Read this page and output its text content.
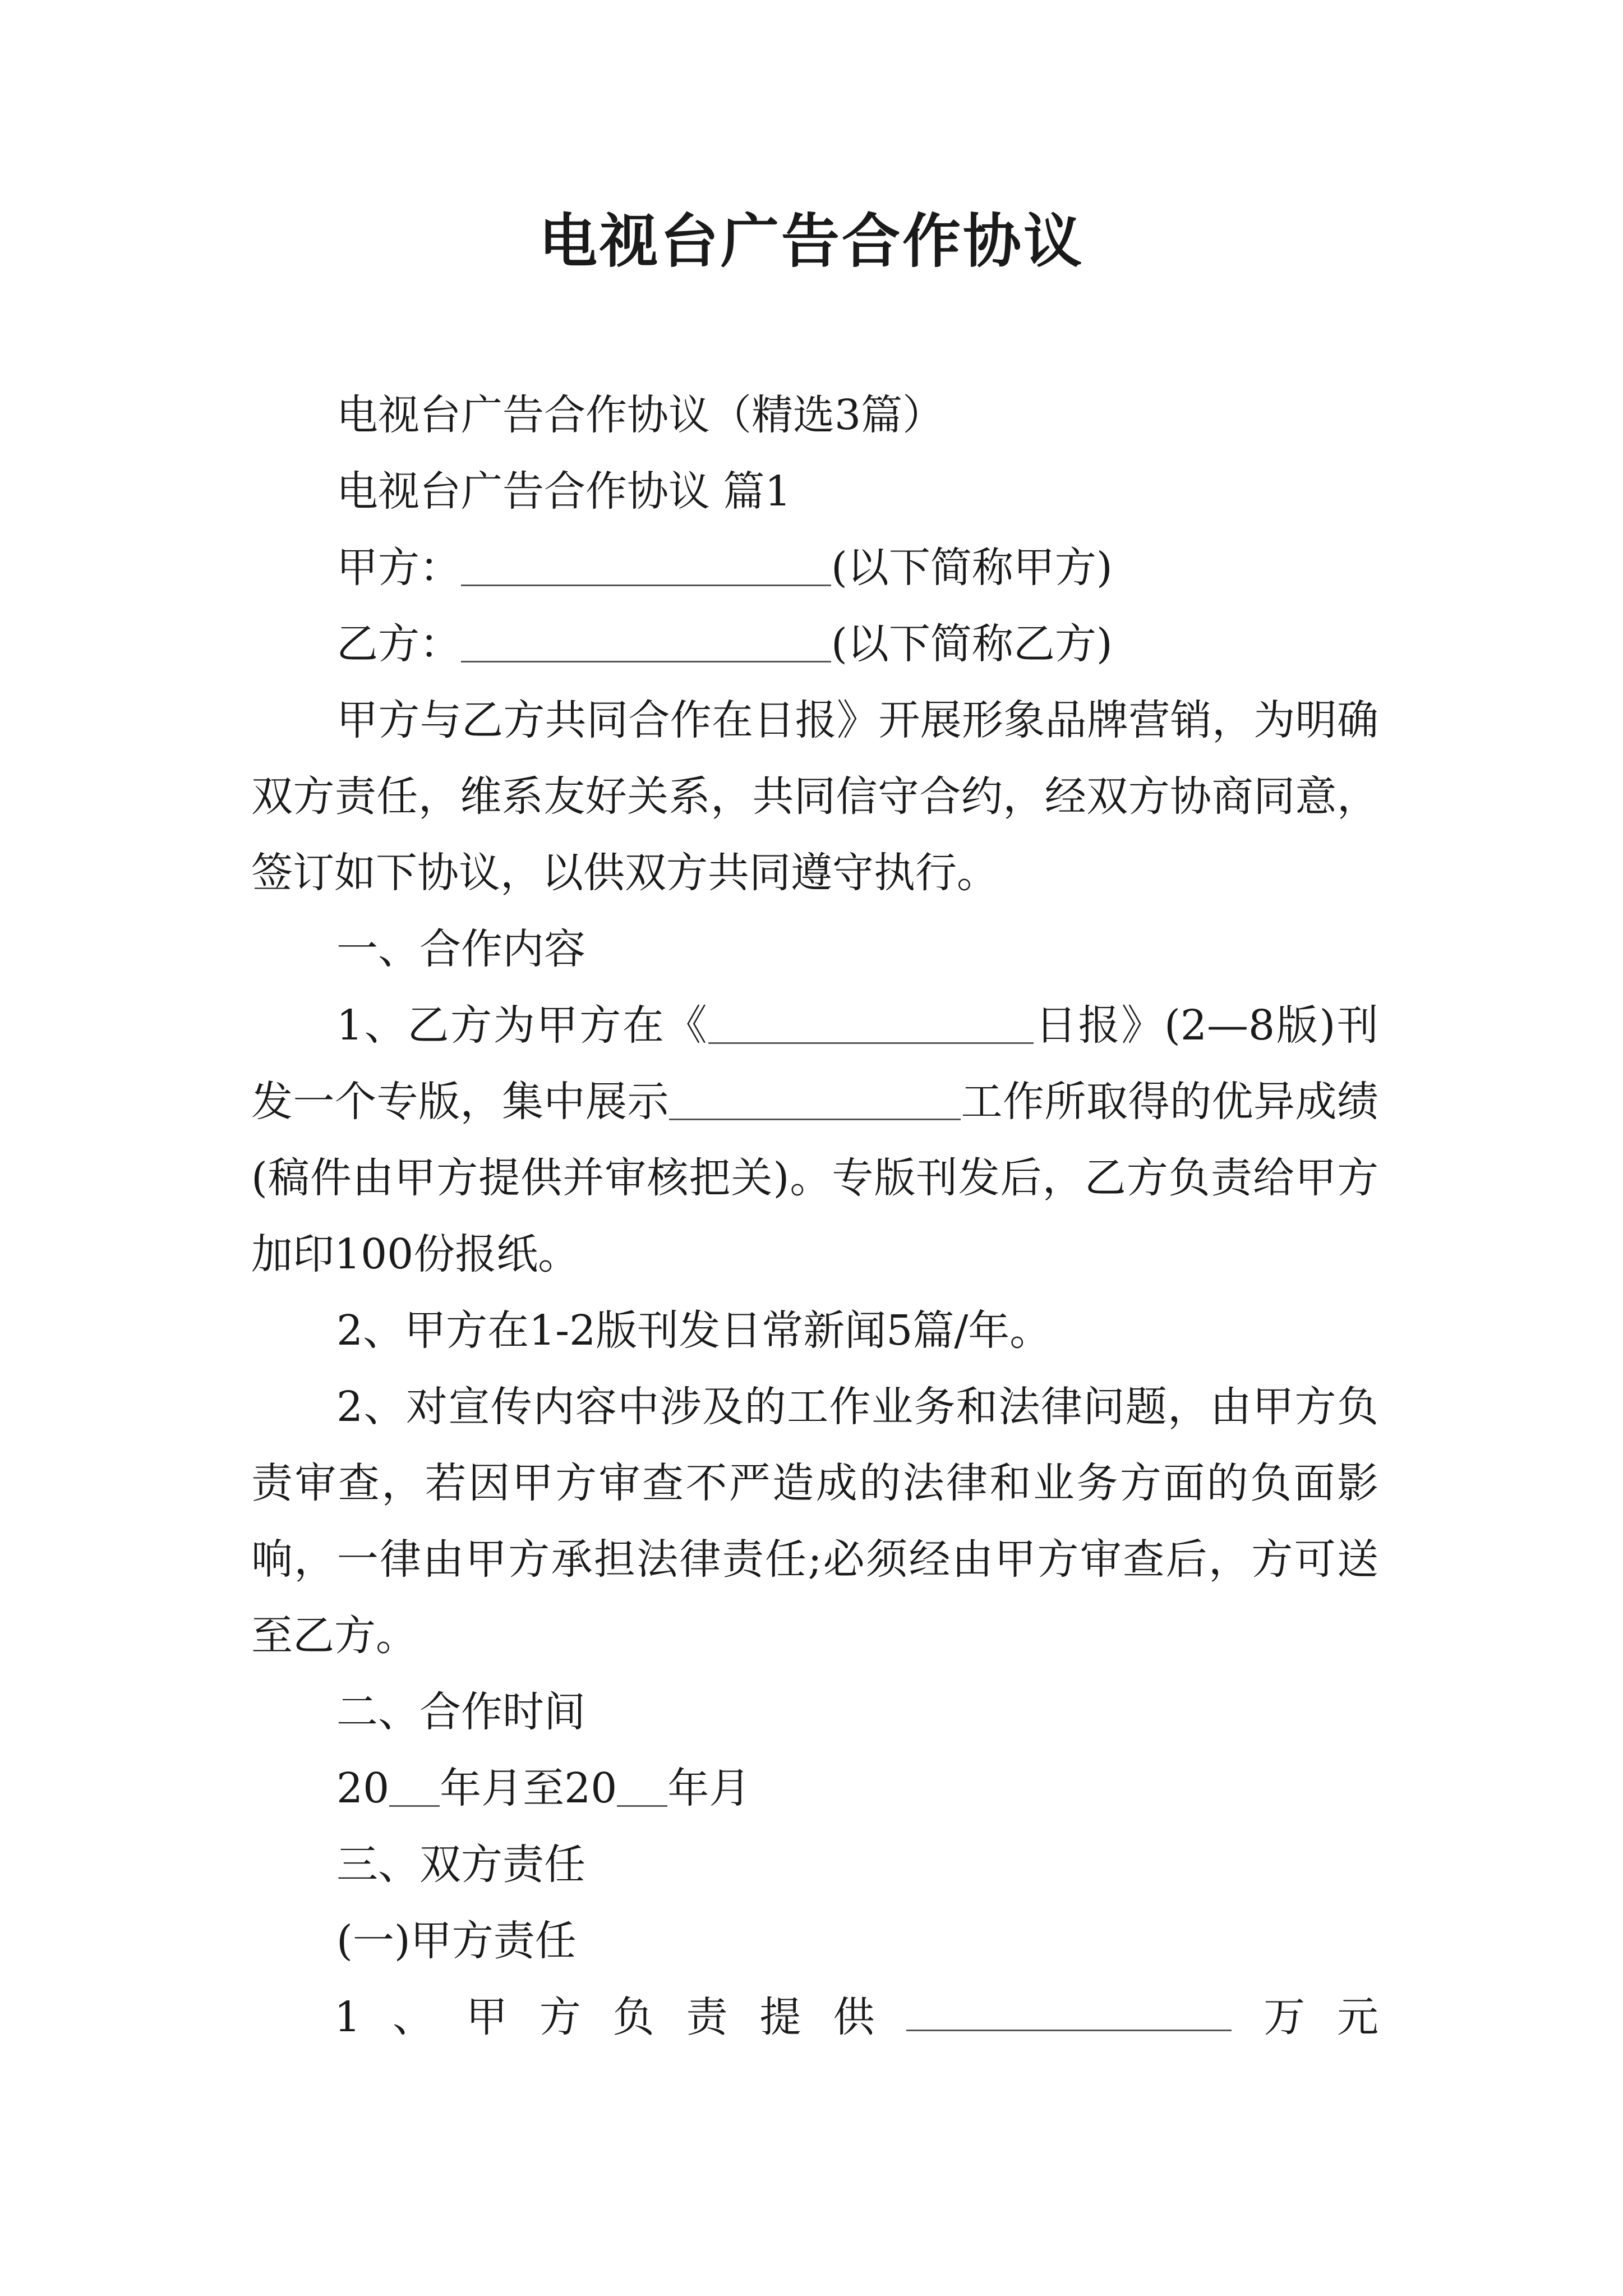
电视台广告合作协议

电视台广告合作协议（精选3篇）

电视台广告合作协议 篇1

甲方：	(以下简称甲方)

乙方：	(以下简称乙方)

甲方与乙方共同合作在日报》开展形象品牌营销，为明确双方责任，维系友好关系，共同信守合约，经双方协商同意，签订如下协议，以供双方共同遵守执行。

一、合作内容

1、乙方为甲方在《	日报》(2—8版)刊发一个专版，集中展示	工作所取得的优异成绩(稿件由甲方提供并审核把关)。专版刊发后，乙方负责给甲方加印100份报纸。

2、甲方在1-2版刊发日常新闻5篇/年。

2、对宣传内容中涉及的工作业务和法律问题，由甲方负责审查，若因甲方审查不严造成的法律和业务方面的负面影响，一律由甲方承担法律责任;必须经由甲方审查后，方可送至乙方。

二、合作时间

20 年月至20 年月

三、双方责任

(一)甲方责任

1 、 甲 方 负 责 提 供	万 元
